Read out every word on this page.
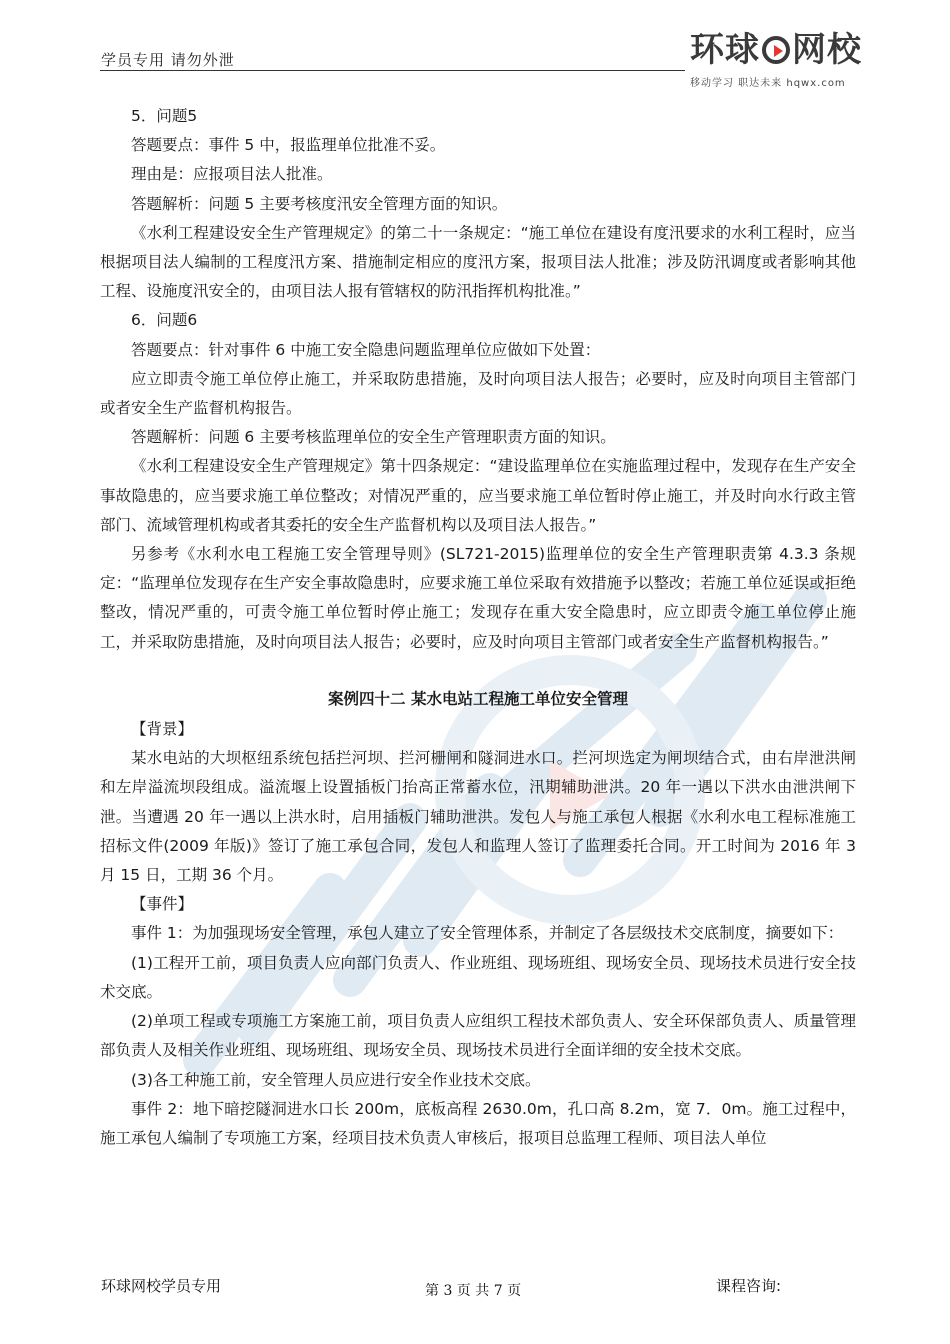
学员专用 请勿外泄	环球 网校
移动学习 职达未来 hqwx.com

5．问题5

答题要点：事件 5 中，报监理单位批准不妥。

理由是：应报项目法人批准。

答题解析：问题 5 主要考核度汛安全管理方面的知识。

《水利工程建设安全生产管理规定》的第二十一条规定：“施工单位在建设有度汛要求的水利工程时，应当根据项目法人编制的工程度汛方案、措施制定相应的度汛方案，报项目法人批准；涉及防汛调度或者影响其他工程、设施度汛安全的，由项目法人报有管辖权的防汛指挥机构批准。”

6．问题6

答题要点：针对事件 6 中施工安全隐患问题监理单位应做如下处置：

应立即责令施工单位停止施工，并采取防患措施，及时向项目法人报告；必要时，应及时向项目主管部门或者安全生产监督机构报告。

答题解析：问题 6 主要考核监理单位的安全生产管理职责方面的知识。

《水利工程建设安全生产管理规定》第十四条规定：“建设监理单位在实施监理过程中，发现存在生产安全事故隐患的，应当要求施工单位整改；对情况严重的，应当要求施工单位暂时停止施工，并及时向水行政主管部门、流域管理机构或者其委托的安全生产监督机构以及项目法人报告。”

另参考《水利水电工程施工安全管理导则》(SL721-2015)监理单位的安全生产管理职责第 4.3.3 条规定：“监理单位发现存在生产安全事故隐患时，应要求施工单位采取有效措施予以整改；若施工单位延误或拒绝整改，情况严重的，可责令施工单位暂时停止施工；发现存在重大安全隐患时，应立即责令施工单位停止施工，并采取防患措施，及时向项目法人报告；必要时，应及时向项目主管部门或者安全生产监督机构报告。”

案例四十二 某水电站工程施工单位安全管理

【背景】

某水电站的大坝枢纽系统包括拦河坝、拦河栅闸和隧洞进水口。拦河坝选定为闸坝结合式，由右岸泄洪闸和左岸溢流坝段组成。溢流堰上设置插板门抬高正常蓄水位，汛期辅助泄洪。20 年一遇以下洪水由泄洪闸下泄。当遭遇 20 年一遇以上洪水时，启用插板门辅助泄洪。发包人与施工承包人根据《水利水电工程标准施工招标文件(2009 年版)》签订了施工承包合同，发包人和监理人签订了监理委托合同。开工时间为 2016 年 3 月 15 日，工期 36 个月。

【事件】

事件 1：为加强现场安全管理，承包人建立了安全管理体系，并制定了各层级技术交底制度，摘要如下：

(1)工程开工前，项目负责人应向部门负责人、作业班组、现场班组、现场安全员、现场技术员进行安全技术交底。

(2)单项工程或专项施工方案施工前，项目负责人应组织工程技术部负责人、安全环保部负责人、质量管理部负责人及相关作业班组、现场班组、现场安全员、现场技术员进行全面详细的安全技术交底。

(3)各工种施工前，安全管理人员应进行安全作业技术交底。

事件 2：地下暗挖隧洞进水口长 200m，底板高程 2630.0m，孔口高 8.2m，宽 7．0m。施工过程中，施工承包人编制了专项施工方案，经项目技术负责人审核后，报项目总监理工程师、项目法人单位

环球网校学员专用	第 3 页 共 7 页	课程咨询:
